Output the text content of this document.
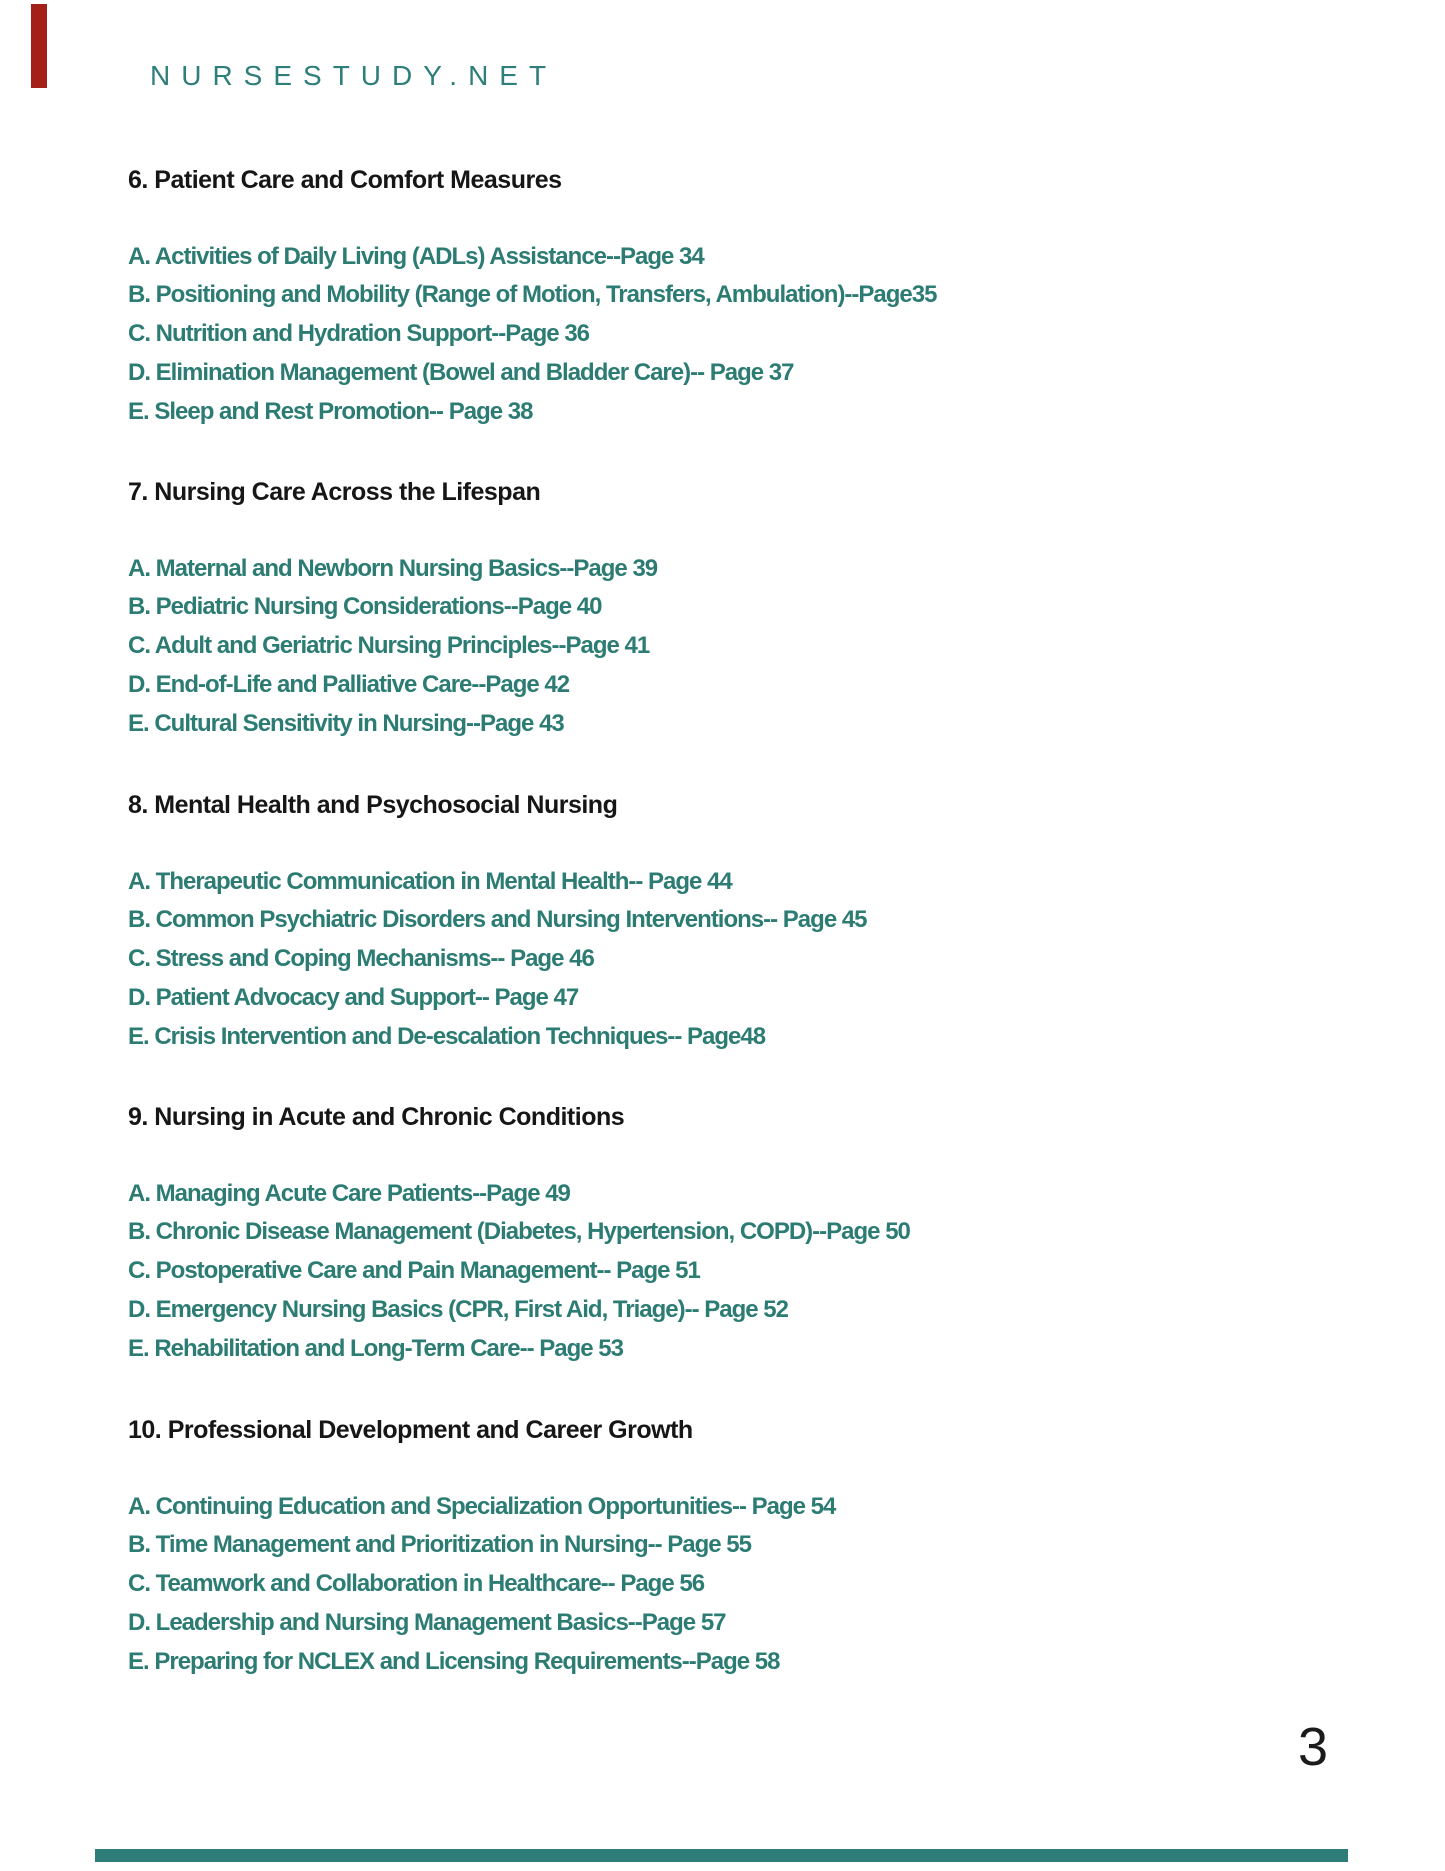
NURSESTUDY.NET
6. Patient Care and Comfort Measures
A. Activities of Daily Living (ADLs) Assistance--Page 34
B. Positioning and Mobility (Range of Motion, Transfers, Ambulation)--Page35
C. Nutrition and Hydration Support--Page 36
D. Elimination Management (Bowel and Bladder Care)-- Page 37
E. Sleep and Rest Promotion-- Page 38
7. Nursing Care Across the Lifespan
A. Maternal and Newborn Nursing Basics--Page 39
B. Pediatric Nursing Considerations--Page 40
C. Adult and Geriatric Nursing Principles--Page 41
D. End-of-Life and Palliative Care--Page 42
E. Cultural Sensitivity in Nursing--Page 43
8. Mental Health and Psychosocial Nursing
A. Therapeutic Communication in Mental Health-- Page 44
B. Common Psychiatric Disorders and Nursing Interventions-- Page 45
C. Stress and Coping Mechanisms-- Page 46
D. Patient Advocacy and Support-- Page 47
E. Crisis Intervention and De-escalation Techniques-- Page48
9. Nursing in Acute and Chronic Conditions
A. Managing Acute Care Patients--Page 49
B. Chronic Disease Management (Diabetes, Hypertension, COPD)--Page 50
C. Postoperative Care and Pain Management-- Page 51
D. Emergency Nursing Basics (CPR, First Aid, Triage)-- Page 52
E. Rehabilitation and Long-Term Care-- Page 53
10. Professional Development and Career Growth
A. Continuing Education and Specialization Opportunities-- Page 54
B. Time Management and Prioritization in Nursing-- Page 55
C. Teamwork and Collaboration in Healthcare-- Page 56
D. Leadership and Nursing Management Basics--Page 57
E. Preparing for NCLEX and Licensing Requirements--Page 58
3
